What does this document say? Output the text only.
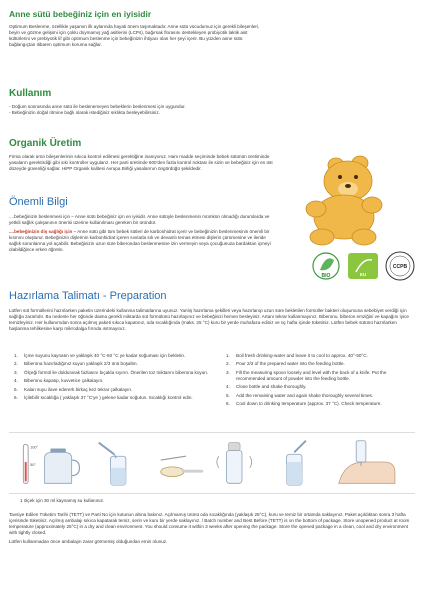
Anne sütü bebeğiniz için en iyisidir

Optimum Beslenme, özellikle yaşamın ilk aylarında hayati önem taşımaktadır. Anne sütü vücudumuz için gerekli bileşenleri, beyin ve gözme gelişimi için çoklu doymamış yağ asitlerini (LCPs), bağırsak florasını destekleyen probiyotik laktik asit kültürlerini ve prebiyotik lif gibi optimum beslenme için bebeğinizin ihtiyacı olan her şeyi içerir. Bu yüzden anne sütü bağlangıçtan itibaren optimum koruma sağlar.

Kullanım

- Doğum sonrasında anne sütü ile beslenemeyen bebeklerin beslenmesi için uygundur.

- Bebeğinizin doğal ritmine bağlı olarak istediğiniz sıklıkta besleyebilirsiniz.

Organik Üretim

Firma olarak ürün bileşenlerinin sıkıca kontrol edilmesi gerektiğine inanıyoruz. Ham madde seçiminde bebek sütünün üretiminde yasaların gerektirdiği gibi sıkı kontroller uygularız. Her parti üretimde 600'den fazla kontrol noktası ile sizin ve bebeğiniz için en üst düzeyde güvenliği sağlar. HiPP Organik kalitesi Avrupa Birliği yasalarının öngördüğü şekildedir.

Önemli Bilgi

....bebeğinizin beslenmesi için – Anne sütü bebeğiniz için en iyisidir. Anne sütüyle beslenmenin mümkün olmadığı durumlarda ve yetkili sağlık çalışanının önerisi üzerine kullanılması gereken bir üründür.

....bebeğinizin diş sağlığı için – Anne sütü gibi tüm bebek sütleri de karbonhidrat içerir ve bebeğinizin beslenmesinin önemli bir kısmını oluşturur. Bebeğinizin dişlerinin karbonhidrat içeren sıvılarla sık ve devamlı temas etmesi dişlerin çürümesine ve ileride sağlık sorunlarına yol açabilir. Bebeğinizin uzun süre biberondan beslenmesine izin vermeyin veya çocuğunuza bardaktan içmeyi olabildiğince erken öğretin.

Hazırlama Talimatı - Preparation

Lütfen süt formüllerini hazırlarken paketin üzerindeki kullanma talimatlarına uyunuz. Yanlış hazırlama şekilleri veya hazırlanıp uzun süre bekletilen formüller bakteri oluşumuna sebebiyet verdiği için sağlığa zararlıdır. Bu nedenle her öğünde daima gerekli miktarda süt formülünü hazırlayınız ve bebeğinizi hemen besleyiniz. Artanı tekrar kullanmayınız. Biberonu, biberon emziğini ve kapağını iyice temizleyiniz. Her kullanımdan sonra açılmış paketi sıkıca kapatınız, oda sıcaklığında (maks. 25 °C) kuru bir yerde muhafaza ediniz ve üç hafta içinde tüketiniz. Lütfen bebek sütünü hazırlarken haşlanma tehlikesine karşı mikrodalga fırında ısıtmayınız.

1.	İçme suyunu kaynatın ve yaklaşık 40 °C-50 °C ye kadar soğuması için bekletin.
2.	Biberona hazırladığınız suyun yaklaşık 2/3 ünü boşaltın.
3.	Ölçeği formül ile doldurarak fazlasını bıçakla sıyırın. Önerilen toz miktarını biberona koyun.
4.	Biberonu kapatıp, kuvvetice çalkalayın.
5.	Kalan suyu ilave edererk birkaç kez tekrar çalkalayın.
6.	İçilebilir sıcaklığa ( yaklaşık 37 °C'ye ) gelene kadar soğutun. Sıcaklığı kontrol edin.
1.	Boil fresh drinking-water and leave it to cool to approx. 40°-50°C.
2.	Pour 2/3 of the prepared water into the feeding bottle.
3.	Fill the measuring spoon loosely and level with the back of a knife. Put the recommended amount of powder into the feeding bottle.
4.	Close bottle and shake thoroughly.
5.	Add the remaining water and again shake thoroughly several times.
6.	Cool down to drinking temperature (approx. 37 °C). Check temperature.
100°
50°

1 ölçek için 30 ml kaynamış su kullanınız.

Tavsiye Edilen Tüketim Tarihi (TETT) ve Parti No için kutunun altına bakınız. Açılmamış ürünü oda sıcaklığında (yaklaşık 25°C), kuru ve temiz bir ortamda saklayınız. Paket açıldıktan sonra 3 hafta içerisinde tüketiniz. Açılmış ambalajı sıkıca kapatarak temiz, serin ve kuru bir yerde saklayınız. / Batch number and Best Before (TETT) is on the bottom of package. Store unopened product at room temperature (approximately 25°C) in a dry and clean environment. You should consume it within 3 weeks after opening the package. Store the opened package in a clean, cool and dry environment with tightly closed.

Lütfen kullanmadan önce ambalajın zarar görmemiş olduğundan emin olunuz.

BIO	EU
CCPB
